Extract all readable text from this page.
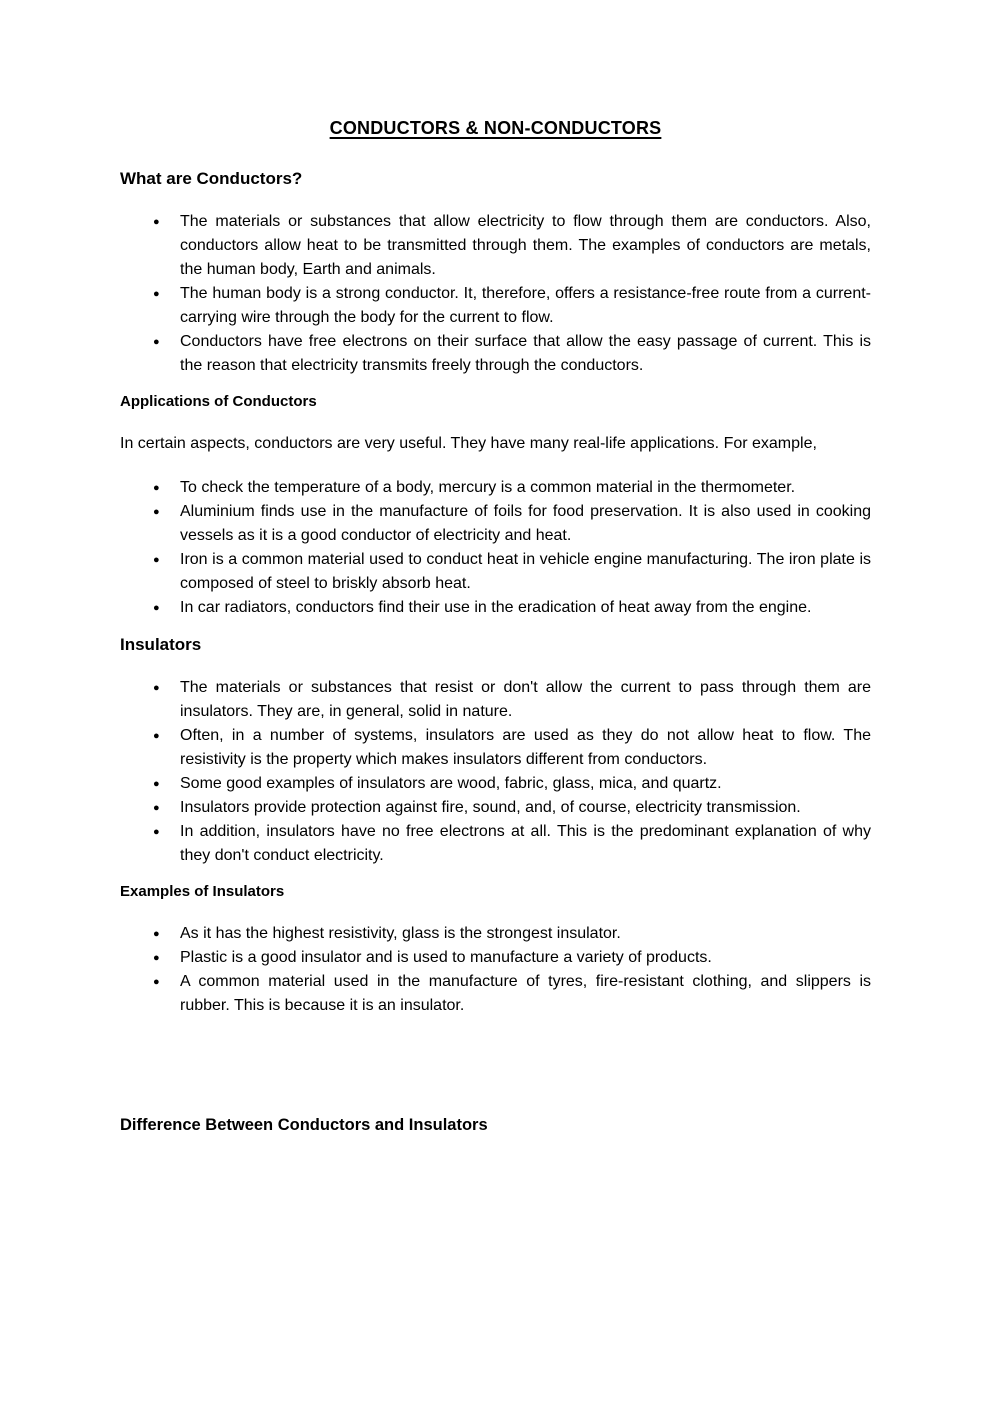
CONDUCTORS & NON-CONDUCTORS
What are Conductors?
● The materials or substances that allow electricity to flow through them are conductors. Also, conductors allow heat to be transmitted through them. The examples of conductors are metals, the human body, Earth and animals.
● The human body is a strong conductor. It, therefore, offers a resistance-free route from a current-carrying wire through the body for the current to flow.
● Conductors have free electrons on their surface that allow the easy passage of current. This is the reason that electricity transmits freely through the conductors.
Applications of Conductors

In certain aspects, conductors are very useful. They have many real-life applications. For example,

● To check the temperature of a body, mercury is a common material in the thermometer.
● Aluminium finds use in the manufacture of foils for food preservation. It is also used in cooking vessels as it is a good conductor of electricity and heat.
● Iron is a common material used to conduct heat in vehicle engine manufacturing. The iron plate is composed of steel to briskly absorb heat.
● In car radiators, conductors find their use in the eradication of heat away from the engine.
Insulators
● The materials or substances that resist or don't allow the current to pass through them are insulators. They are, in general, solid in nature.
● Often, in a number of systems, insulators are used as they do not allow heat to flow. The resistivity is the property which makes insulators different from conductors.
● Some good examples of insulators are wood, fabric, glass, mica, and quartz.
● Insulators provide protection against fire, sound, and, of course, electricity transmission.
● In addition, insulators have no free electrons at all. This is the predominant explanation of why they don't conduct electricity.
Examples of Insulators
● As it has the highest resistivity, glass is the strongest insulator.
● Plastic is a good insulator and is used to manufacture a variety of products.
● A common material used in the manufacture of tyres, fire-resistant clothing, and slippers is rubber. This is because it is an insulator.
Difference Between Conductors and Insulators
